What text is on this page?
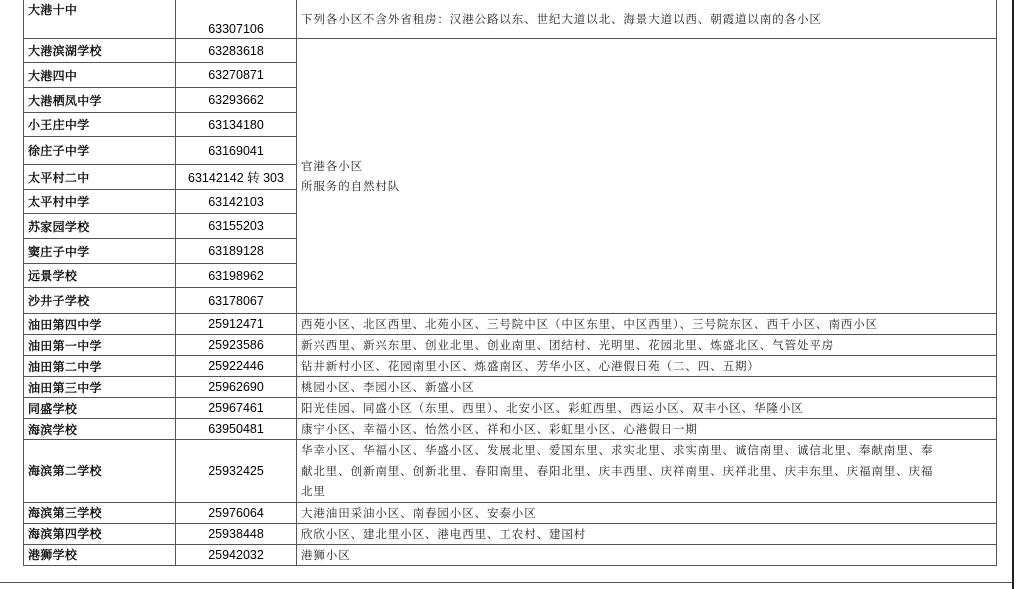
大港十中	63307106	下列各小区不含外省租房：汉港公路以东、世纪大道以北、海景大道以西、朝霞道以南的各小区
大港滨湖学校	63283618	官港各小区
所服务的自然村队

大港四中	63270871	
大港栖凤中学	63293662	
小王庄中学	63134180	
徐庄子中学	63169041	
太平村二中	63142142 转 303	
太平村中学	63142103	
苏家园学校	63155203	
窦庄子中学	63189128	
远景学校	63198962	
沙井子学校	63178067	
油田第四中学	25912471	西苑小区、北区西里、北苑小区、三号院中区（中区东里、中区西里）、三号院东区、西千小区、南西小区
油田第一中学	25923586	新兴西里、新兴东里、创业北里、创业南里、团结村、光明里、花园北里、炼盛北区、气管处平房
油田第二中学	25922446	钻井新村小区、花园南里小区、炼盛南区、芳华小区、心港假日苑（二、四、五期）
油田第三中学	25962690	桃园小区、李园小区、新盛小区
同盛学校	25967461	阳光佳园、同盛小区（东里、西里）、北安小区、彩虹西里、西运小区、双丰小区、华隆小区
海滨学校	63950481	康宁小区、幸福小区、怡然小区、祥和小区、彩虹里小区、心港假日一期
海滨第二学校	25932425	华幸小区、华福小区、华盛小区、发展北里、爱国东里、求实北里、求实南里、诚信南里、诚信北里、奉献南里、奉
献北里、创新南里、创新北里、春阳南里、春阳北里、庆丰西里、庆祥南里、庆祥北里、庆丰东里、庆福南里、庆福
北里

海滨第三学校	25976064	大港油田采油小区、南春园小区、安泰小区
海滨第四学校	25938448	欣欣小区、建北里小区、港电西里、工农村、建国村
港狮学校	25942032	港狮小区
